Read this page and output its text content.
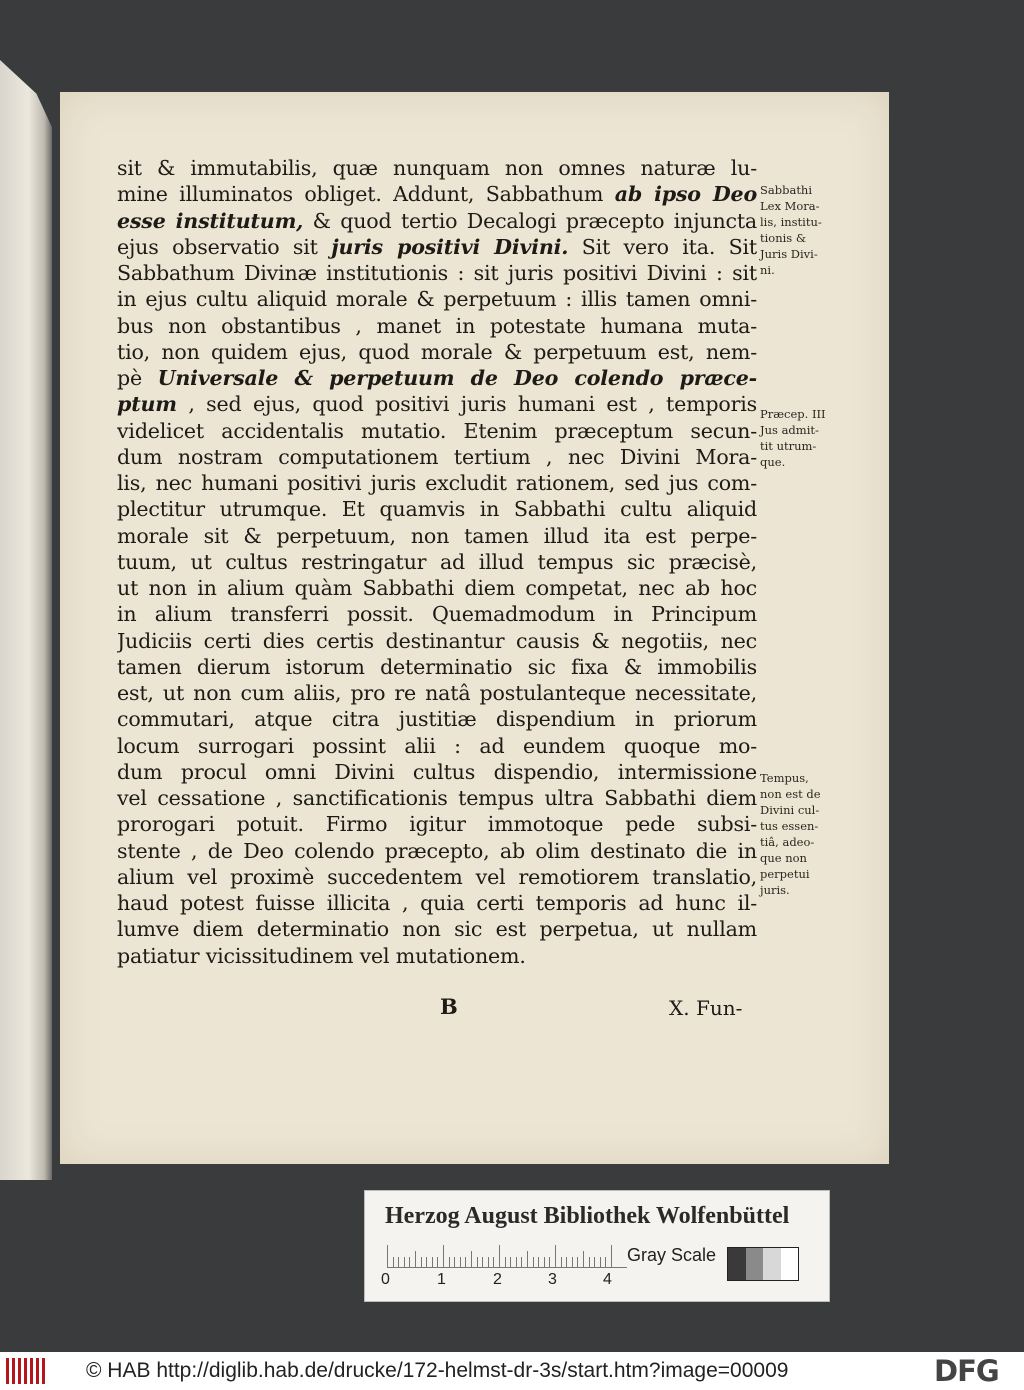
sit & immutabilis, quæ nunquam non omnes naturæ lu-
mine illuminatos obliget. Addunt, Sabbathum ab ipso Deo
esse institutum, & quod tertio Decalogi præcepto injuncta
ejus observatio sit juris positivi Divini. Sit vero ita. Sit
Sabbathum Divinæ institutionis : sit juris positivi Divini : sit
in ejus cultu aliquid morale & perpetuum : illis tamen omni-
bus non obstantibus , manet in potestate humana muta-
tio, non quidem ejus, quod morale & perpetuum est, nem-
pè Universale & perpetuum de Deo colendo præce-
ptum , sed ejus, quod positivi juris humani est , temporis
videlicet accidentalis mutatio. Etenim præceptum secun-
dum nostram computationem tertium , nec Divini Mora-
lis, nec humani positivi juris excludit rationem, sed jus com-
plectitur utrumque. Et quamvis in Sabbathi cultu aliquid
morale sit & perpetuum, non tamen illud ita est perpe-
tuum, ut cultus restringatur ad illud tempus sic præcisè,
ut non in alium quàm Sabbathi diem competat, nec ab hoc
in alium transferri possit. Quemadmodum in Principum
Judiciis certi dies certis destinantur causis & negotiis, nec
tamen dierum istorum determinatio sic fixa & immobilis
est, ut non cum aliis, pro re natâ postulanteque necessitate,
commutari, atque citra justitiæ dispendium in priorum
locum surrogari possint alii : ad eundem quoque mo-
dum procul omni Divini cultus dispendio, intermissione
vel cessatione , sanctificationis tempus ultra Sabbathi diem
prorogari potuit. Firmo igitur immotoque pede subsi-
stente , de Deo colendo præcepto, ab olim destinato die in
alium vel proximè succedentem vel remotiorem translatio,
haud potest fuisse illicita , quia certi temporis ad hunc il-
lumve diem determinatio non sic est perpetua, ut nullam
patiatur vicissitudinem vel mutationem.
Sabbathi
Lex Mora-
lis, institu-
tionis &
Juris Divi-
ni.
Præcep. III
Jus admit-
tit utrum-
que.
Tempus,
non est de
Divini cul-
tus essen-
tiâ, adeo-
que non
perpetui
juris.
B	X. Fun-
Herzog August Bibliothek Wolfenbüttel
0	1	2	3	4
Gray Scale
© HAB http://diglib.hab.de/drucke/172-helmst-dr-3s/start.htm?image=00009	DFG
